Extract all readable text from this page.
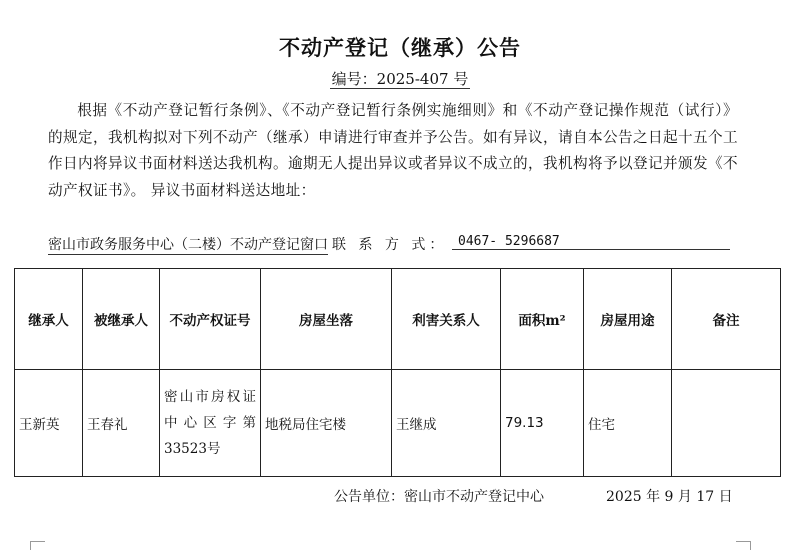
不动产登记（继承）公告
编号：2025-407 号
根据《不动产登记暂行条例》、《不动产登记暂行条例实施细则》和《不动产登记操作规范（试行）》的规定，我机构拟对下列不动产（继承）申请进行审查并予公告。如有异议，请自本公告之日起十五个工作日内将异议书面材料送达我机构。逾期无人提出异议或者异议不成立的，我机构将予以登记并颁发《不动产权证书》。 异议书面材料送达地址：
密山市政务服务中心（二楼）不动产登记窗口 联 系 方 式： 0467- 5296687
继承人	被继承人	不动产权证号	房屋坐落	利害关系人	面积m²	房屋用途	备注
王新英	王春礼	密山市房权证中心区字第33523号	地税局住宅楼	王继成	79.13	住宅	
公告单位：密山市不动产登记中心	2025 年 9 月 17 日
